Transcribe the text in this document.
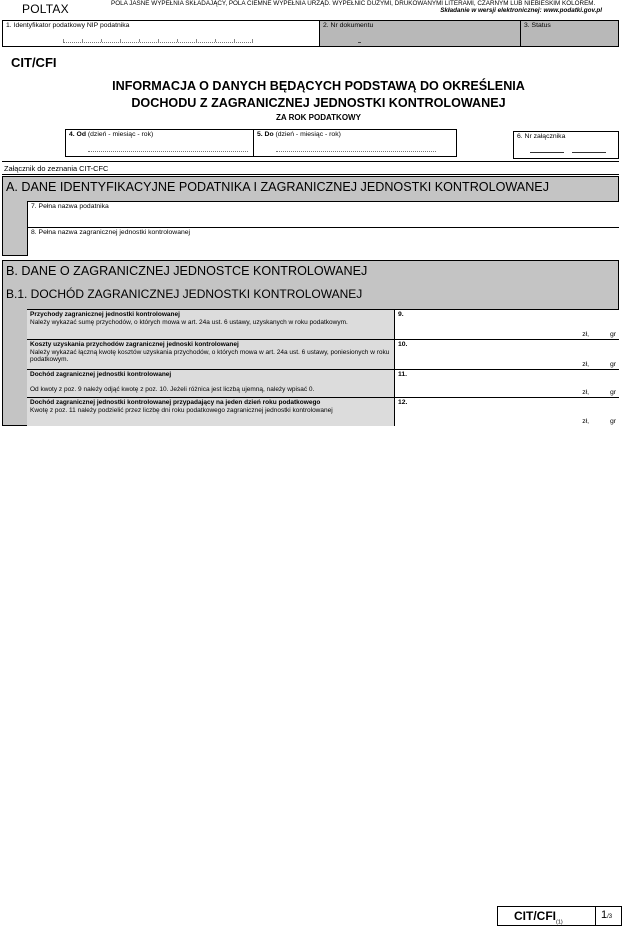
POLTAX	POLA JASNE WYPEŁNIA SKŁADAJĄCY, POLA CIEMNE WYPEŁNIA URZĄD. WYPEŁNIĆ DUŻYMI, DRUKOWANYMI LITERAMI, CZARNYM LUB NIEBIESKIM KOLOREM.
Składanie w wersji elektronicznej: www.podatki.gov.pl
1. Identyfikator podatkowy NIP podatnika	2. Nr dokumentu	3. Status
CIT/CFI
INFORMACJA O DANYCH BĘDĄCYCH PODSTAWĄ DO OKREŚLENIA
DOCHODU Z ZAGRANICZNEJ JEDNOSTKI KONTROLOWANEJ
ZA ROK PODATKOWY
4. Od (dzień - miesiąc - rok)	5. Do (dzień - miesiąc - rok)	6. Nr załącznika
Załącznik do zeznania CIT-CFC
A. DANE IDENTYFIKACYJNE PODATNIKA I ZAGRANICZNEJ JEDNOSTKI KONTROLOWANEJ
7. Pełna nazwa podatnika
8. Pełna nazwa zagranicznej jednostki kontrolowanej
B. DANE O ZAGRANICZNEJ JEDNOSTCE KONTROLOWANEJ
B.1. DOCHÓD ZAGRANICZNEJ JEDNOSTKI KONTROLOWANEJ
Przychody zagranicznej jednostki kontrolowanej
Należy wykazać sumę przychodów, o których mowa w art. 24a ust. 6 ustawy, uzyskanych w roku podatkowym.
9.
zł,	gr
Koszty uzyskania przychodów zagranicznej jednoski kontrolowanej
Należy wykazać łączną kwotę kosztów uzyskania przychodów, o których mowa w art. 24a ust. 6 ustawy, poniesionych w roku podatkowym.
10.
zł,	gr
Dochód zagranicznej jednostki kontrolowanej
Od kwoty z poz. 9 należy odjąć kwotę z poz. 10. Jeżeli różnica jest liczbą ujemną, należy wpisać 0.
11.
zł,	gr
Dochód zagranicznej jednostki kontrolowanej przypadający na jeden dzień roku podatkowego
Kwotę z poz. 11 należy podzielić przez liczbę dni roku podatkowego zagranicznej jednostki kontrolowanej
12.
zł,	gr
CIT/$CFI_{(1)}$
1/3
